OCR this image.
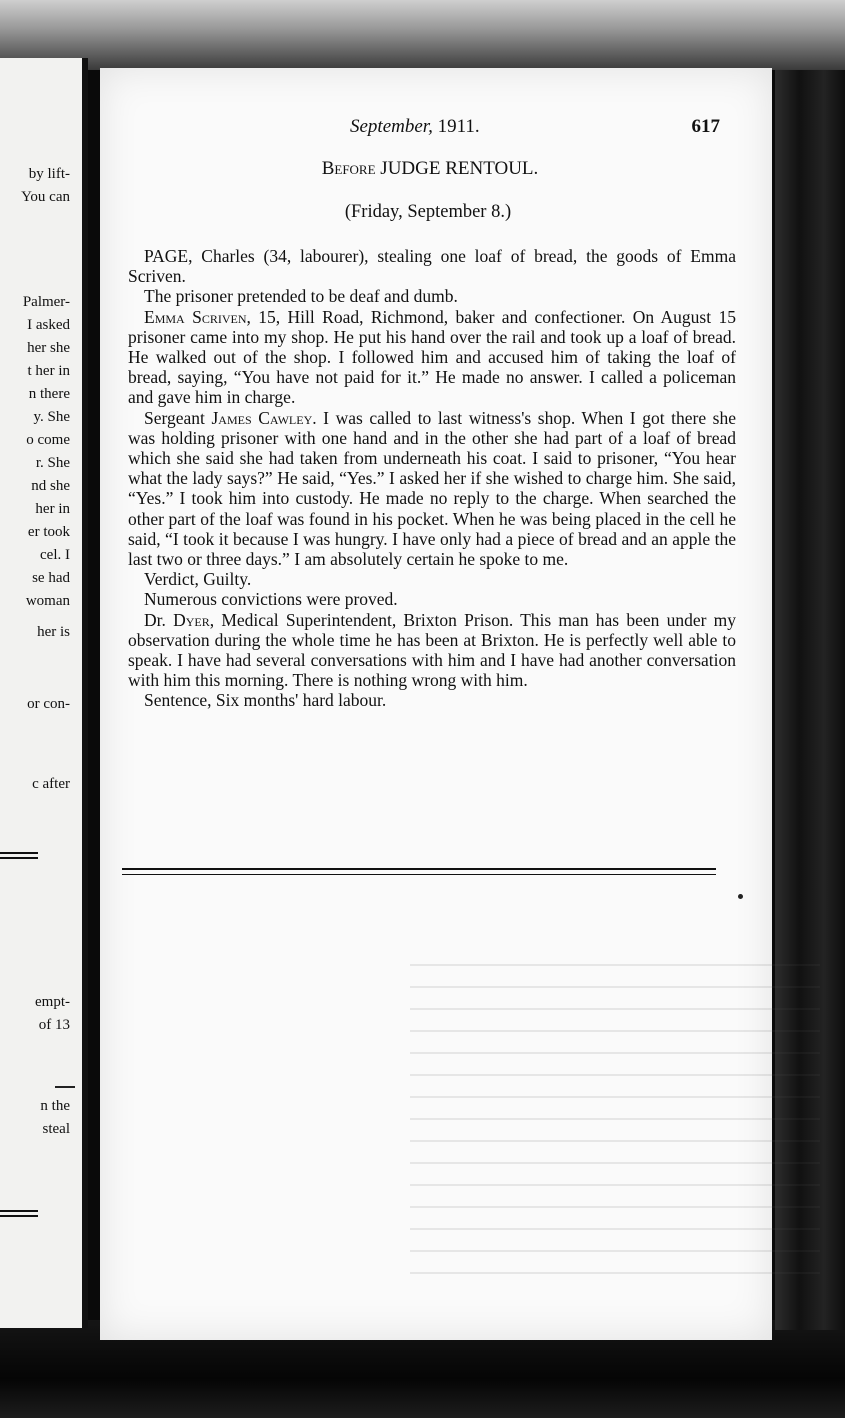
by lift-
You can
Palmer-
I asked
her she
t her in
n there
y. She
o come
r. She
nd she
her in
er took
cel. I
se had
woman
her is
or con-
c after
empt-
of 13
n the
steal
September, 1911.	617
Before JUDGE RENTOUL.
(Friday, September 8.)

PAGE, Charles (34, labourer), stealing one loaf of bread, the goods of Emma Scriven.

The prisoner pretended to be deaf and dumb.

Emma Scriven, 15, Hill Road, Richmond, baker and confectioner. On August 15 prisoner came into my shop. He put his hand over the rail and took up a loaf of bread. He walked out of the shop. I followed him and accused him of taking the loaf of bread, saying, “You have not paid for it.” He made no answer. I called a policeman and gave him in charge.

Sergeant James Cawley. I was called to last witness's shop. When I got there she was holding prisoner with one hand and in the other she had part of a loaf of bread which she said she had taken from underneath his coat. I said to prisoner, “You hear what the lady says?” He said, “Yes.” I asked her if she wished to charge him. She said, “Yes.” I took him into custody. He made no reply to the charge. When searched the other part of the loaf was found in his pocket. When he was being placed in the cell he said, “I took it because I was hungry. I have only had a piece of bread and an apple the last two or three days.” I am absolutely certain he spoke to me.

Verdict, Guilty.

Numerous convictions were proved.

Dr. Dyer, Medical Superintendent, Brixton Prison. This man has been under my observation during the whole time he has been at Brixton. He is perfectly well able to speak. I have had several conversations with him and I have had another conversation with him this morning. There is nothing wrong with him.

Sentence, Six months' hard labour.
